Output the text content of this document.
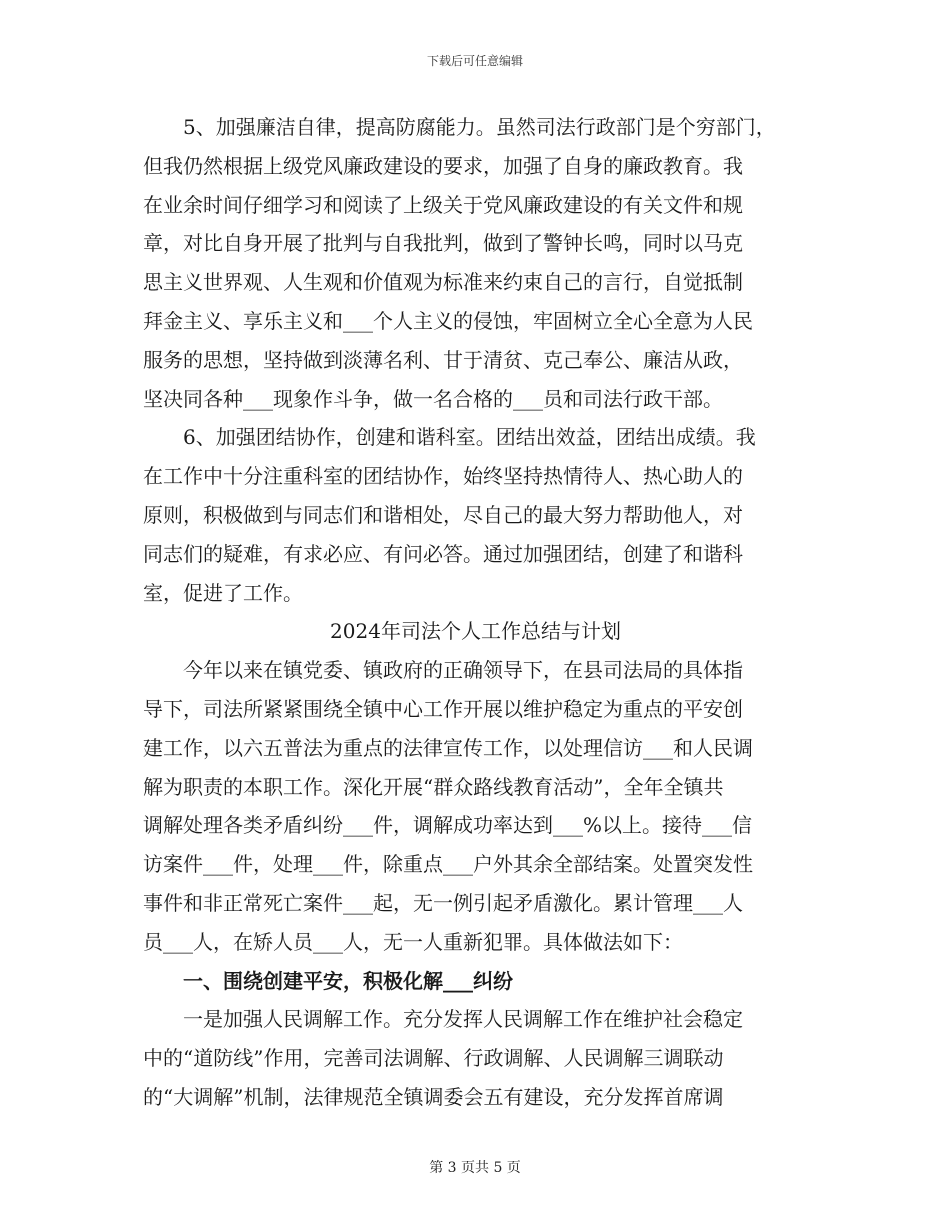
下载后可任意编辑
　　5、加强廉洁自律，提高防腐能力。虽然司法行政部门是个穷部门，
但我仍然根据上级党风廉政建设的要求，加强了自身的廉政教育。我
在业余时间仔细学习和阅读了上级关于党风廉政建设的有关文件和规
章，对比自身开展了批判与自我批判，做到了警钟长鸣，同时以马克
思主义世界观、人生观和价值观为标准来约束自己的言行，自觉抵制
拜金主义、享乐主义和___个人主义的侵蚀，牢固树立全心全意为人民
服务的思想，坚持做到淡薄名利、甘于清贫、克己奉公、廉洁从政，
坚决同各种___现象作斗争，做一名合格的___员和司法行政干部。
　　6、加强团结协作，创建和谐科室。团结出效益，团结出成绩。我
在工作中十分注重科室的团结协作，始终坚持热情待人、热心助人的
原则，积极做到与同志们和谐相处，尽自己的最大努力帮助他人，对
同志们的疑难，有求必应、有问必答。通过加强团结，创建了和谐科
室，促进了工作。
2024年司法个人工作总结与计划
　　今年以来在镇党委、镇政府的正确领导下，在县司法局的具体指
导下，司法所紧紧围绕全镇中心工作开展以维护稳定为重点的平安创
建工作，以六五普法为重点的法律宣传工作，以处理信访___和人民调
解为职责的本职工作。深化开展“群众路线教育活动”，全年全镇共
调解处理各类矛盾纠纷___件，调解成功率达到___%以上。接待___信
访案件___件，处理___件，除重点___户外其余全部结案。处置突发性
事件和非正常死亡案件___起，无一例引起矛盾激化。累计管理___人
员___人，在矫人员___人，无一人重新犯罪。具体做法如下：
　　一、围绕创建平安，积极化解___纠纷
　　一是加强人民调解工作。充分发挥人民调解工作在维护社会稳定
中的“道防线”作用，完善司法调解、行政调解、人民调解三调联动
的“大调解”机制，法律规范全镇调委会五有建设，充分发挥首席调
第 3 页共 5 页
